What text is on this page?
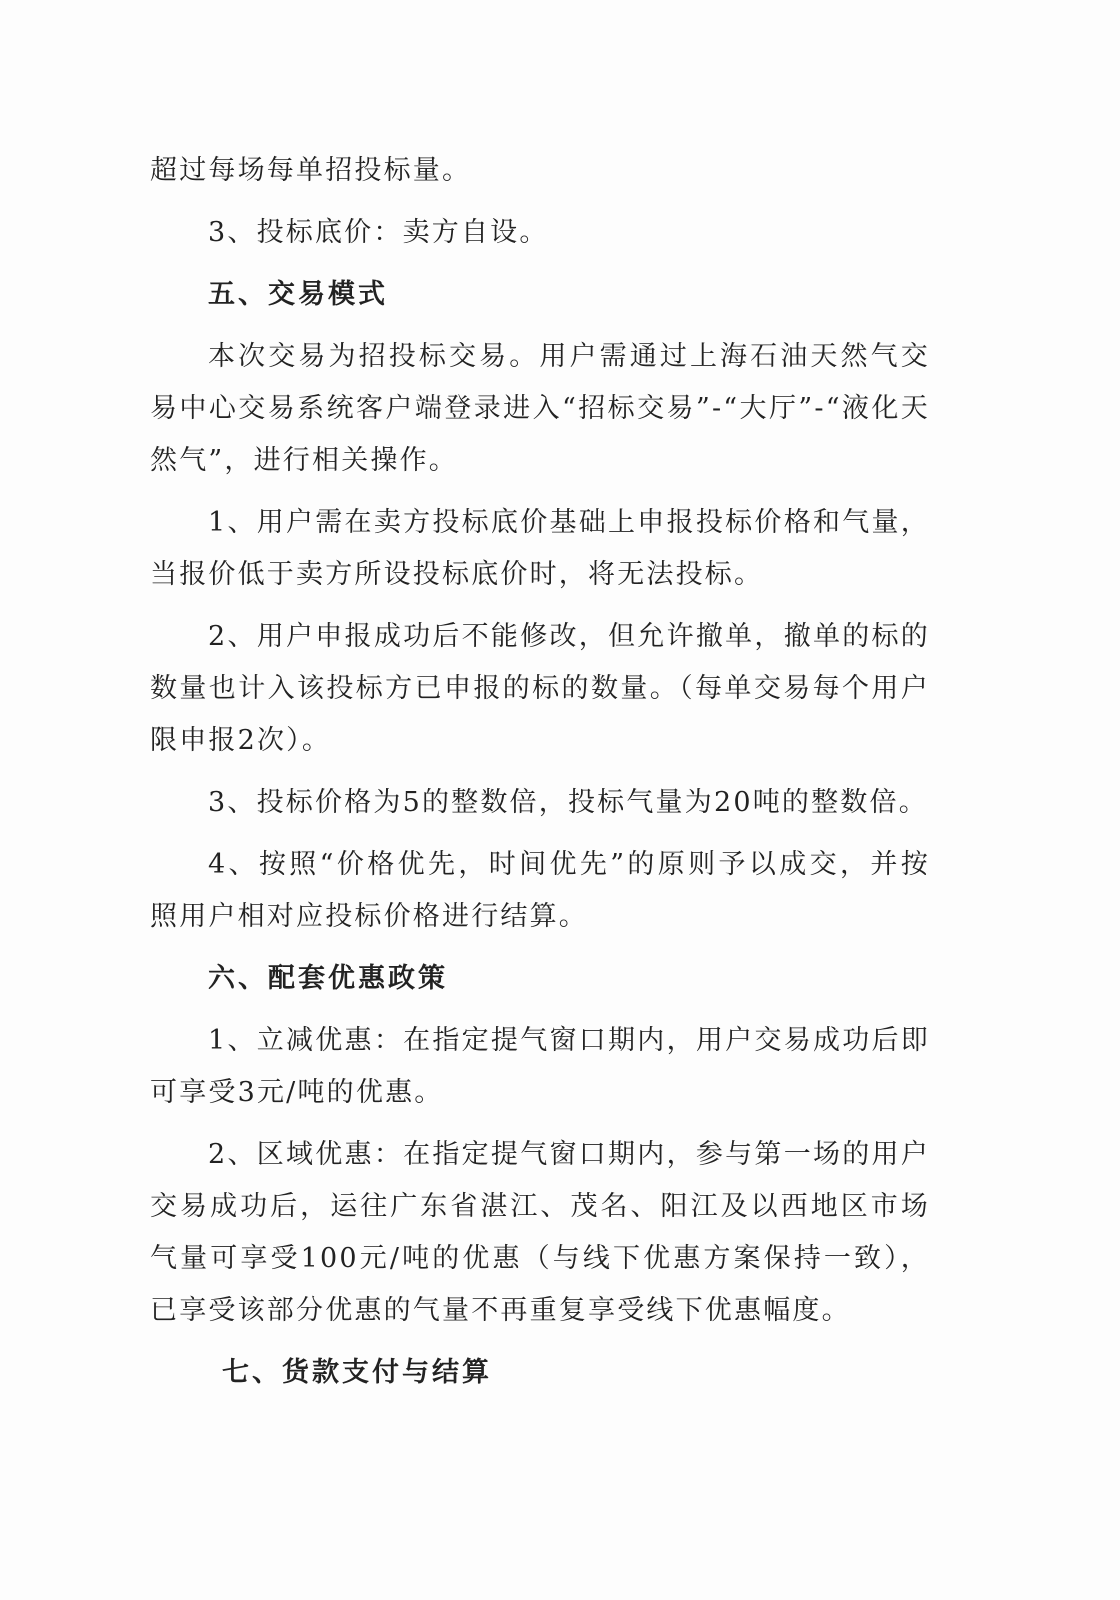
超过每场每单招投标量。

3、投标底价：卖方自设。

五、交易模式

本次交易为招投标交易。用户需通过上海石油天然气交易中心交易系统客户端登录进入“招标交易”-“大厅”-“液化天然气”，进行相关操作。

1、用户需在卖方投标底价基础上申报投标价格和气量，当报价低于卖方所设投标底价时，将无法投标。

2、用户申报成功后不能修改，但允许撤单，撤单的标的数量也计入该投标方已申报的标的数量。（每单交易每个用户限申报2次）。

3、投标价格为5的整数倍，投标气量为20吨的整数倍。

4、按照“价格优先，时间优先”的原则予以成交，并按照用户相对应投标价格进行结算。

六、配套优惠政策

1、立减优惠：在指定提气窗口期内，用户交易成功后即可享受3元/吨的优惠。

2、区域优惠：在指定提气窗口期内，参与第一场的用户交易成功后，运往广东省湛江、茂名、阳江及以西地区市场气量可享受100元/吨的优惠（与线下优惠方案保持一致），已享受该部分优惠的气量不再重复享受线下优惠幅度。

七、货款支付与结算
